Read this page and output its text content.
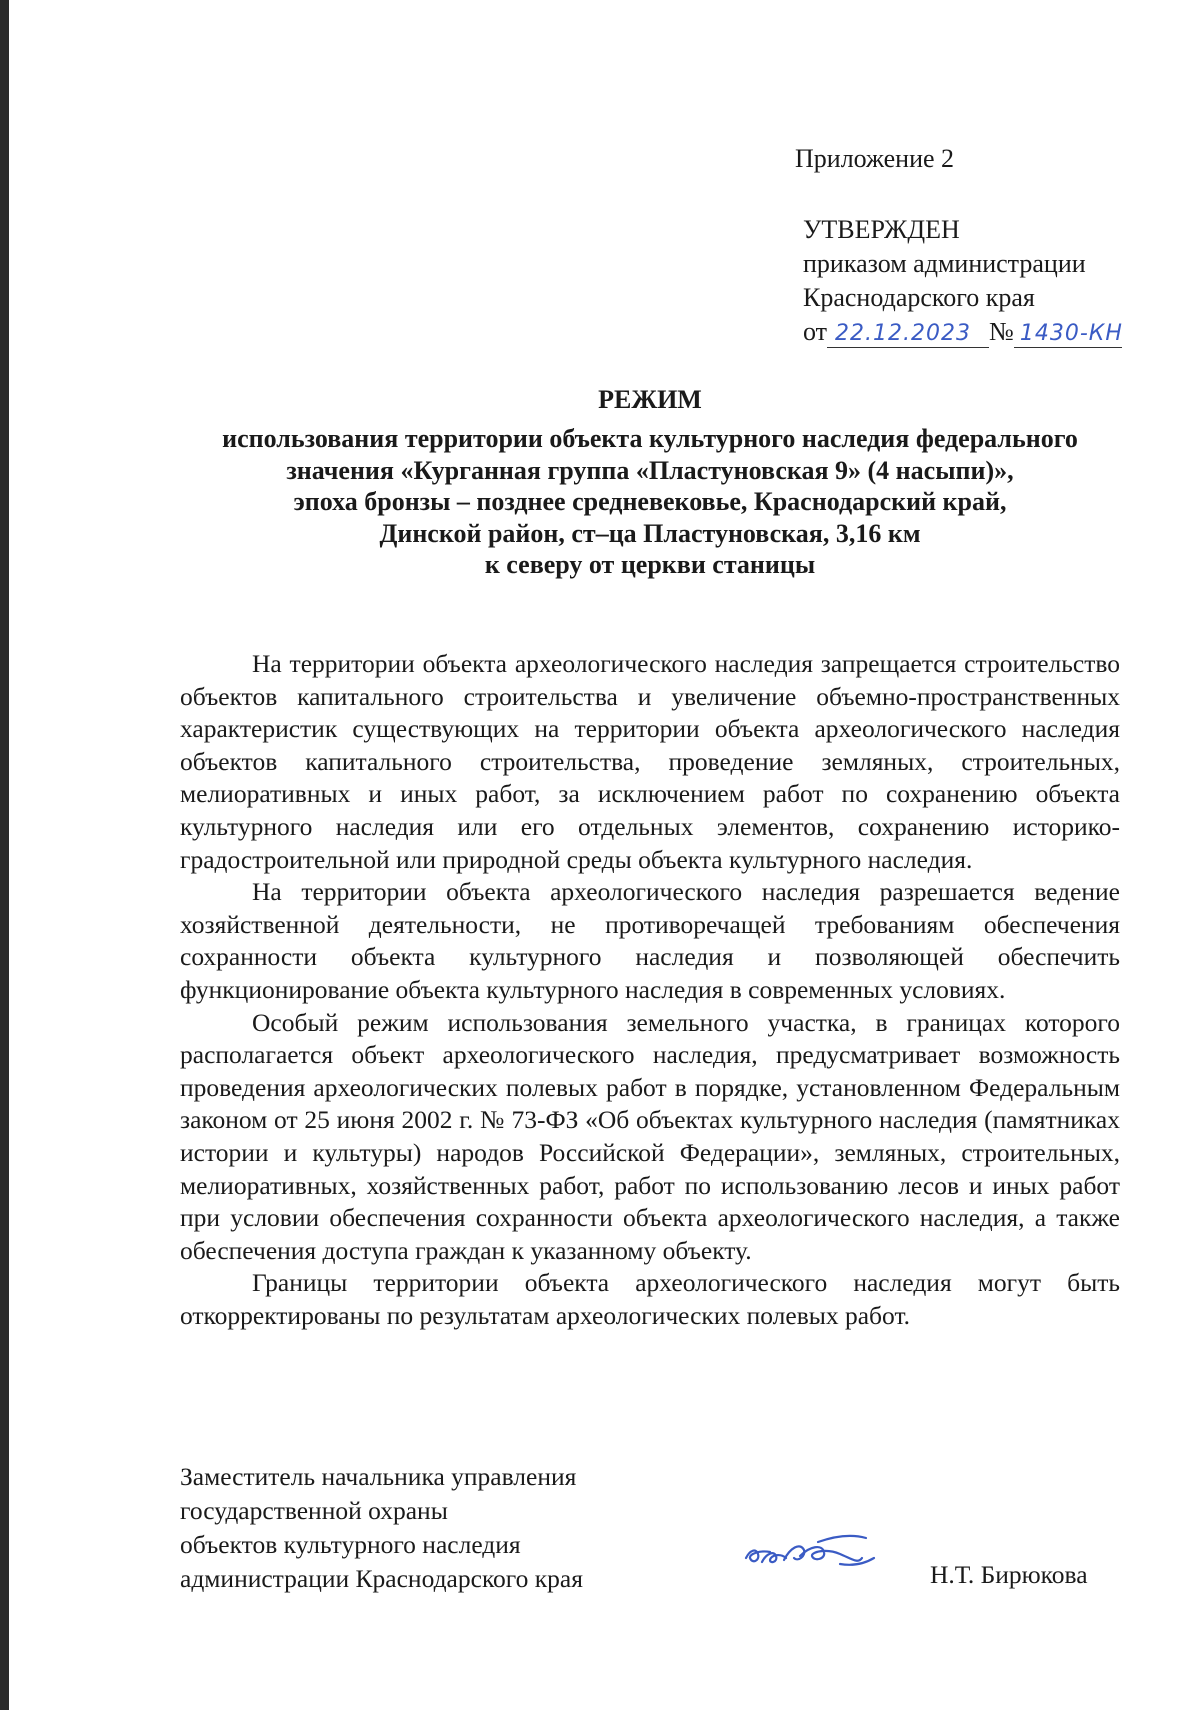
Приложение 2
УТВЕРЖДЕН
приказом администрации
Краснодарского края
от 22.12.2023 № 1430-КН
РЕЖИМ
использования территории объекта культурного наследия федерального
значения «Курганная группа «Пластуновская 9» (4 насыпи)»,
эпоха бронзы – позднее средневековье, Краснодарский край,
Динской район, ст–ца Пластуновская, 3,16 км
к северу от церкви станицы

На территории объекта археологического наследия запрещается строительство объектов капитального строительства и увеличение объемно-пространственных характеристик существующих на территории объекта археологического наследия объектов капитального строительства, проведение земляных, строительных, мелиоративных и иных работ, за исключением работ по сохранению объекта культурного наследия или его отдельных элементов, сохранению историко-градостроительной или природной среды объекта культурного наследия.

На территории объекта археологического наследия разрешается ведение хозяйственной деятельности, не противоречащей требованиям обеспечения сохранности объекта культурного наследия и позволяющей обеспечить функционирование объекта культурного наследия в современных условиях.

Особый режим использования земельного участка, в границах которого располагается объект археологического наследия, предусматривает возможность проведения археологических полевых работ в порядке, установленном Федеральным законом от 25 июня 2002 г. № 73-ФЗ «Об объектах культурного наследия (памятниках истории и культуры) народов Российской Федерации», земляных, строительных, мелиоративных, хозяйственных работ, работ по использованию лесов и иных работ при условии обеспечения сохранности объекта археологического наследия, а также обеспечения доступа граждан к указанному объекту.

Границы территории объекта археологического наследия могут быть откорректированы по результатам археологических полевых работ.

Заместитель начальника управления
государственной охраны
объектов культурного наследия
администрации Краснодарского края	Н.Т. Бирюкова
